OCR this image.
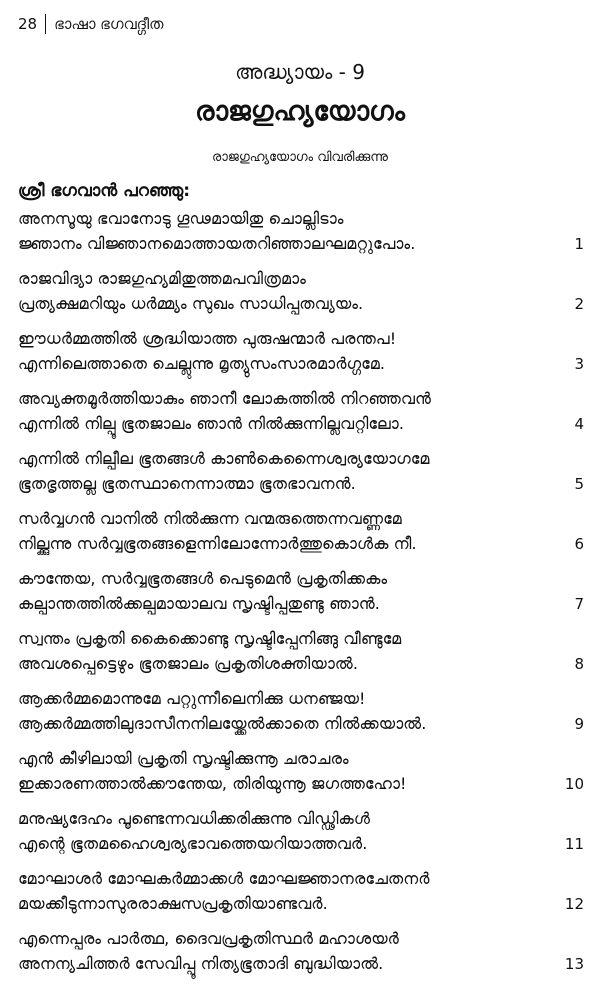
28 ഭാഷാ ഭഗവദ്ഗീത
അദ്ധ്യായം - 9
രാജഗുഹ്യയോഗം
രാജഗുഹ്യയോഗം വിവരിക്കുന്നു
ശ്രീ ഭഗവാൻ പറഞ്ഞു:
അനസൂയു ഭവാനോടു ഗൂഢമായിതു ചൊല്ലിടാം
ജ്ഞാനം വിജ്ഞാനമൊത്തായതറിഞ്ഞാലഘമറ്റുപോം.	1
രാജവിദ്യാ രാജഗുഹ്യമിതുത്തമപവിത്രമാം
പ്രത്യക്ഷമറിയും ധർമ്മ്യം സുഖം സാധിപ്പതവ്യയം.	2
ഈധർമ്മത്തിൽ ശ്രദ്ധിയാത്ത പുരുഷന്മാർ പരന്തപ!
എന്നിലെത്താതെ ചെല്ലുന്നു മൃത്യുസംസാരമാർഗ്ഗമേ.	3
അവ്യക്തമൂർത്തിയാകും ഞാനീ ലോകത്തിൽ നിറഞ്ഞവൻ
എന്നിൽ നില്പൂ ഭൂതജാലം ഞാൻ നിൽക്കുന്നില്ലവറ്റിലോ.	4
എന്നിൽ നില്പീല ഭൂതങ്ങൾ കാൺകെന്നൈശ്വര്യയോഗമേ
ഭൂതഭൃത്തല്ല ഭൂതസ്ഥാനെന്നാത്മാ ഭൂതഭാവനൻ.	5
സർവ്വഗൻ വാനിൽ നിൽക്കുന്ന വന്മരുത്തെന്നവണ്ണമേ
നില്ക്കുന്നു സർവ്വഭൂതങ്ങളെന്നിലോന്നോർത്തുകൊൾക നീ.	6
കൗന്തേയ, സർവ്വഭൂതങ്ങൾ പെടുമെൻ പ്രകൃതിക്കകം
കല്പാന്തത്തിൽക്കല്പമായാലവ സൃഷ്ടിപ്പതുണ്ടു ഞാൻ.	7
സ്വന്തം പ്രകൃതി കൈക്കൊണ്ടു സൃഷ്ടിപ്പേനിങ്ങു വീണ്ടുമേ
അവശപ്പെട്ടെഴും ഭൂതജാലം പ്രകൃതിശക്തിയാൽ.	8
ആക്കർമ്മമൊന്നുമേ പറ്റുന്നീലെനിക്കു ധനഞ്ജയ!
ആക്കർമ്മത്തിലുദാസീനനിലയ്ക്കേൽക്കാതെ നിൽക്കയാൽ.	9
എൻ കീഴിലായി പ്രകൃതി സൃഷ്ടിക്കുന്നൂ ചരാചരം
ഇക്കാരണത്താൽക്കൗന്തേയ, തിരിയുന്നൂ ജഗത്തഹോ!	10
മനുഷ്യദേഹം പൂണ്ടെന്നവധിക്കരിക്കുന്നു വിഡ്ഢികൾ
എന്റെ ഭൂതമഹൈശ്വര്യഭാവത്തെയറിയാത്തവർ.	11
മോഘാശർ മോഘകർമ്മാക്കൾ മോഘജ്ഞാനരചേതനർ
മയക്കീടുന്നാസുരരാക്ഷസപ്രകൃതിയാണ്ടവർ.	12
എന്നെപ്പരം പാർത്ഥ, ദൈവപ്രകൃതിസ്ഥർ മഹാശയർ
അനന്യചിത്തർ സേവിപ്പൂ നിത്യഭൂതാദി ബുദ്ധിയാൽ.	13
